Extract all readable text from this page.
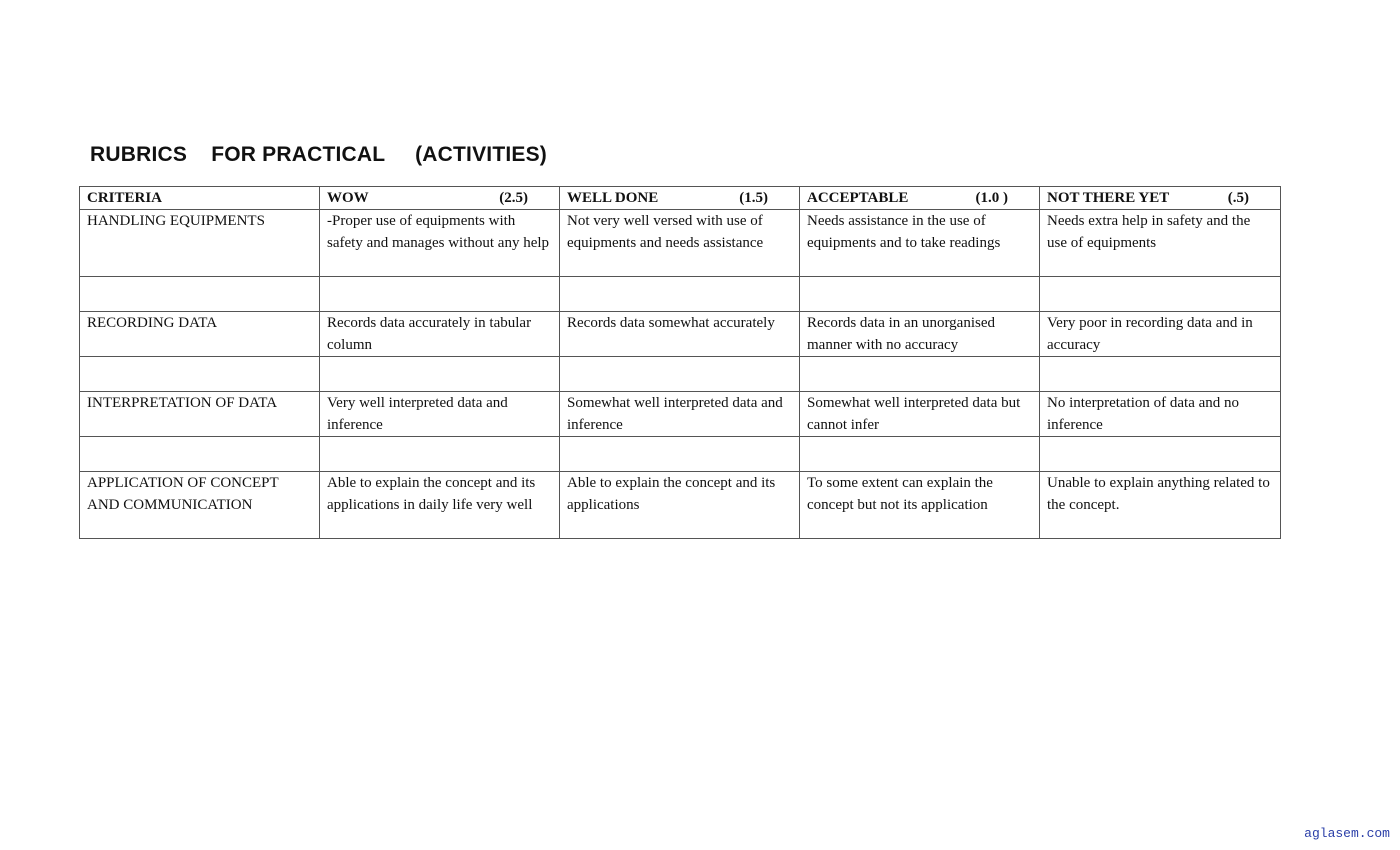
RUBRICS    FOR PRACTICAL     (ACTIVITIES)
CRITERIA	WOW (2.5)	WELL DONE (1.5)	ACCEPTABLE (1.0 )	NOT THERE YET (.5)

HANDLING EQUIPMENTS	-Proper use of equipments with safety and manages without any help	Not very well versed with use of equipments and needs assistance	Needs assistance in the use of equipments and to take readings	Needs extra help in safety and the use of equipments

RECORDING DATA	Records data accurately in tabular column	Records data somewhat accurately	Records data in an unorganised manner with no accuracy	Very poor in recording data and in accuracy

INTERPRETATION OF DATA	Very well interpreted data and inference	Somewhat well interpreted data and inference	Somewhat well interpreted data but cannot infer	No interpretation of data and no inference

APPLICATION OF CONCEPT AND COMMUNICATION	Able to explain the concept and its applications in daily life very well	Able to explain the concept and its applications	To some extent can explain the concept but not its application	Unable to explain anything related to the concept.
aglasem.com
